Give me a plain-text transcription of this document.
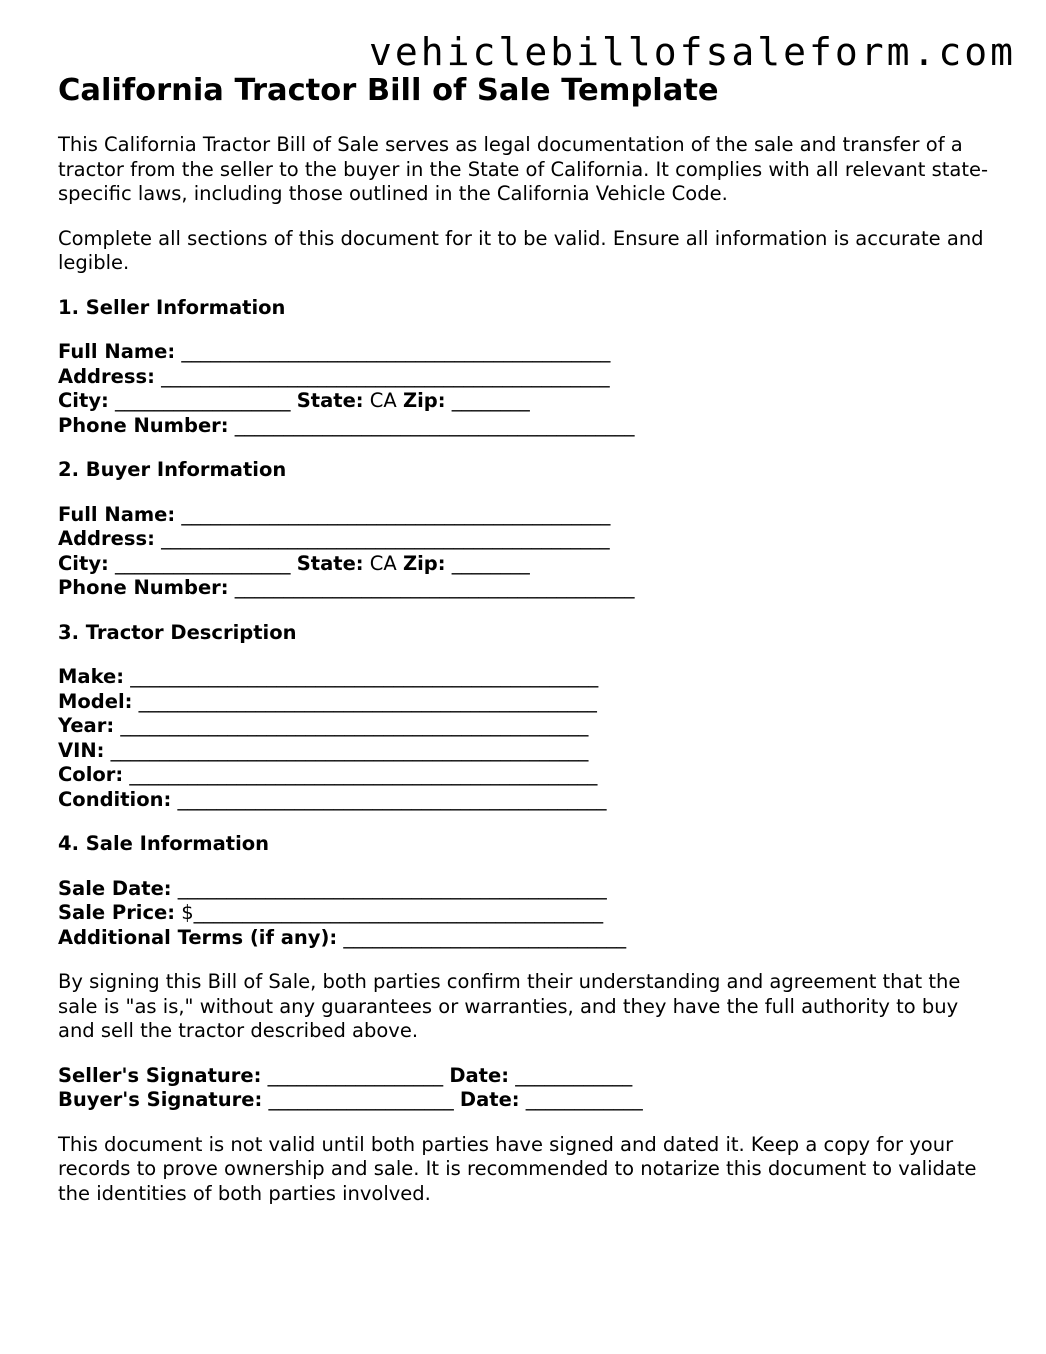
vehiclebillofsaleform.com
California Tractor Bill of Sale Template

This California Tractor Bill of Sale serves as legal documentation of the sale and transfer of a tractor from the seller to the buyer in the State of California. It complies with all relevant state-specific laws, including those outlined in the California Vehicle Code.

Complete all sections of this document for it to be valid. Ensure all information is accurate and legible.

1. Seller Information
Full Name: ____________________________________________
Address: ______________________________________________
City: __________________ State: CA Zip: ________
Phone Number: _________________________________________
2. Buyer Information
Full Name: ____________________________________________
Address: ______________________________________________
City: __________________ State: CA Zip: ________
Phone Number: _________________________________________
3. Tractor Description
Make: ________________________________________________
Model: _______________________________________________
Year: ________________________________________________
VIN: _________________________________________________
Color: ________________________________________________
Condition: ____________________________________________
4. Sale Information
Sale Date: ____________________________________________
Sale Price: $__________________________________________
Additional Terms (if any): _____________________________

By signing this Bill of Sale, both parties confirm their understanding and agreement that the sale is "as is," without any guarantees or warranties, and they have the full authority to buy and sell the tractor described above.

Seller's Signature: __________________ Date: ____________
Buyer's Signature: ___________________ Date: ____________

This document is not valid until both parties have signed and dated it. Keep a copy for your records to prove ownership and sale. It is recommended to notarize this document to validate the identities of both parties involved.
